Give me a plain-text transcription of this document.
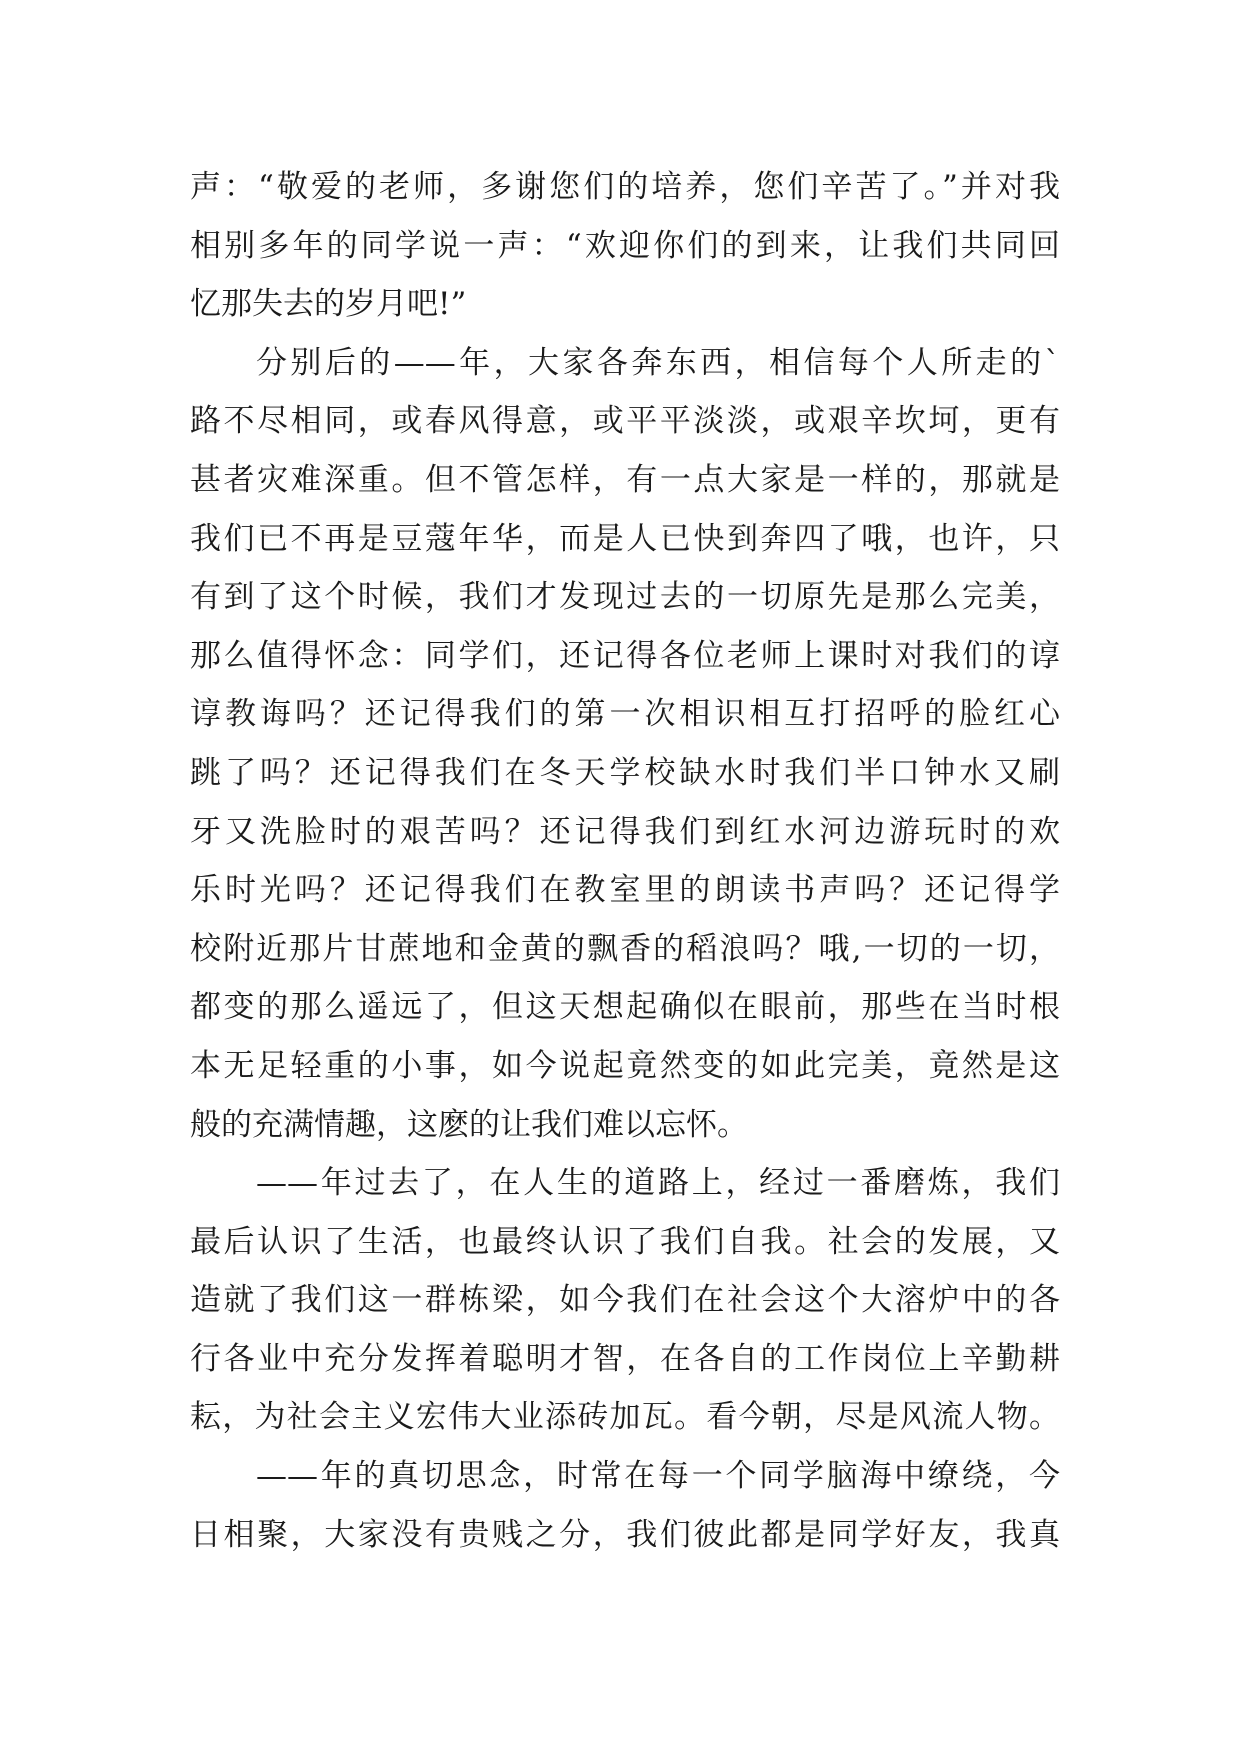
声：“敬爱的老师，多谢您们的培养，您们辛苦了。”并对我
相别多年的同学说一声：“欢迎你们的到来，让我们共同回
忆那失去的岁月吧!”
分别后的——年，大家各奔东西，相信每个人所走的`
路不尽相同，或春风得意，或平平淡淡，或艰辛坎坷，更有
甚者灾难深重。但不管怎样，有一点大家是一样的，那就是
我们已不再是豆蔻年华，而是人已快到奔四了哦，也许，只
有到了这个时候，我们才发现过去的一切原先是那么完美，
那么值得怀念：同学们，还记得各位老师上课时对我们的谆
谆教诲吗？还记得我们的第一次相识相互打招呼的脸红心
跳了吗？还记得我们在冬天学校缺水时我们半口钟水又刷
牙又洗脸时的艰苦吗？还记得我们到红水河边游玩时的欢
乐时光吗？还记得我们在教室里的朗读书声吗？还记得学
校附近那片甘蔗地和金黄的飘香的稻浪吗？哦,一切的一切，
都变的那么遥远了，但这天想起确似在眼前，那些在当时根
本无足轻重的小事，如今说起竟然变的如此完美，竟然是这
般的充满情趣，这麽的让我们难以忘怀。
——年过去了，在人生的道路上，经过一番磨炼，我们
最后认识了生活，也最终认识了我们自我。社会的发展，又
造就了我们这一群栋梁，如今我们在社会这个大溶炉中的各
行各业中充分发挥着聪明才智，在各自的工作岗位上辛勤耕
耘，为社会主义宏伟大业添砖加瓦。看今朝，尽是风流人物。
——年的真切思念，时常在每一个同学脑海中缭绕，今
日相聚，大家没有贵贱之分，我们彼此都是同学好友，我真
